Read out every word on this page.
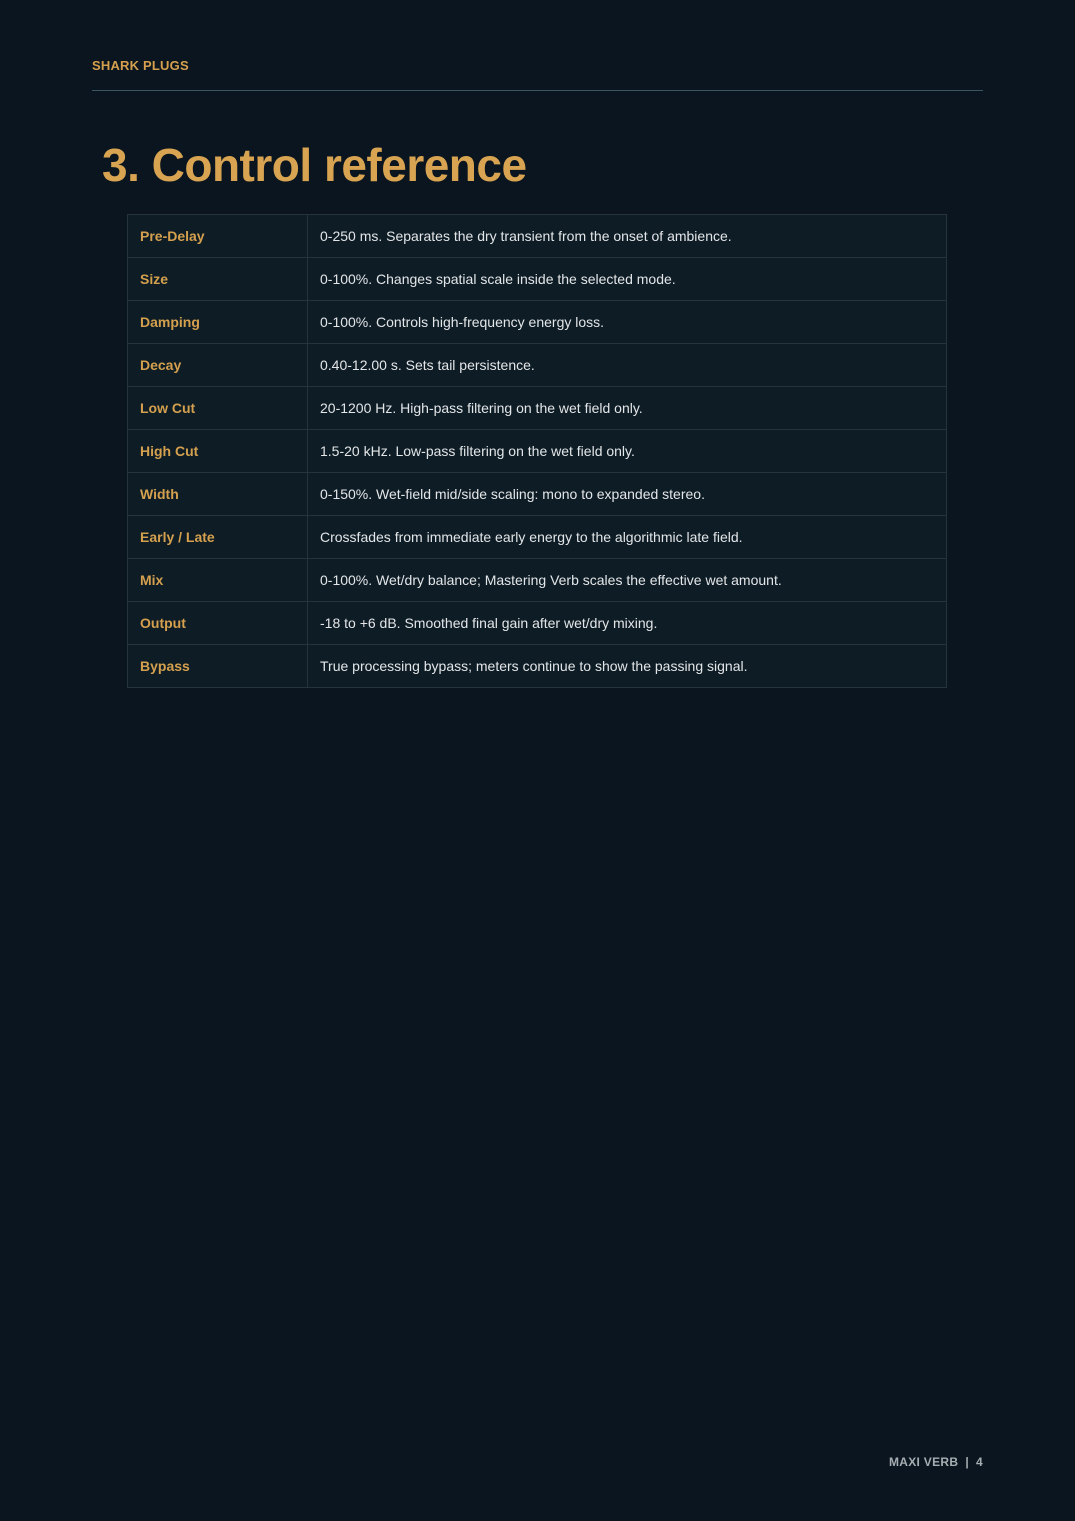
SHARK PLUGS
3. Control reference
Pre-Delay	0-250 ms. Separates the dry transient from the onset of ambience.
Size	0-100%. Changes spatial scale inside the selected mode.
Damping	0-100%. Controls high-frequency energy loss.
Decay	0.40-12.00 s. Sets tail persistence.
Low Cut	20-1200 Hz. High-pass filtering on the wet field only.
High Cut	1.5-20 kHz. Low-pass filtering on the wet field only.
Width	0-150%. Wet-field mid/side scaling: mono to expanded stereo.
Early / Late	Crossfades from immediate early energy to the algorithmic late field.
Mix	0-100%. Wet/dry balance; Mastering Verb scales the effective wet amount.
Output	-18 to +6 dB. Smoothed final gain after wet/dry mixing.
Bypass	True processing bypass; meters continue to show the passing signal.
MAXI VERB | 4
